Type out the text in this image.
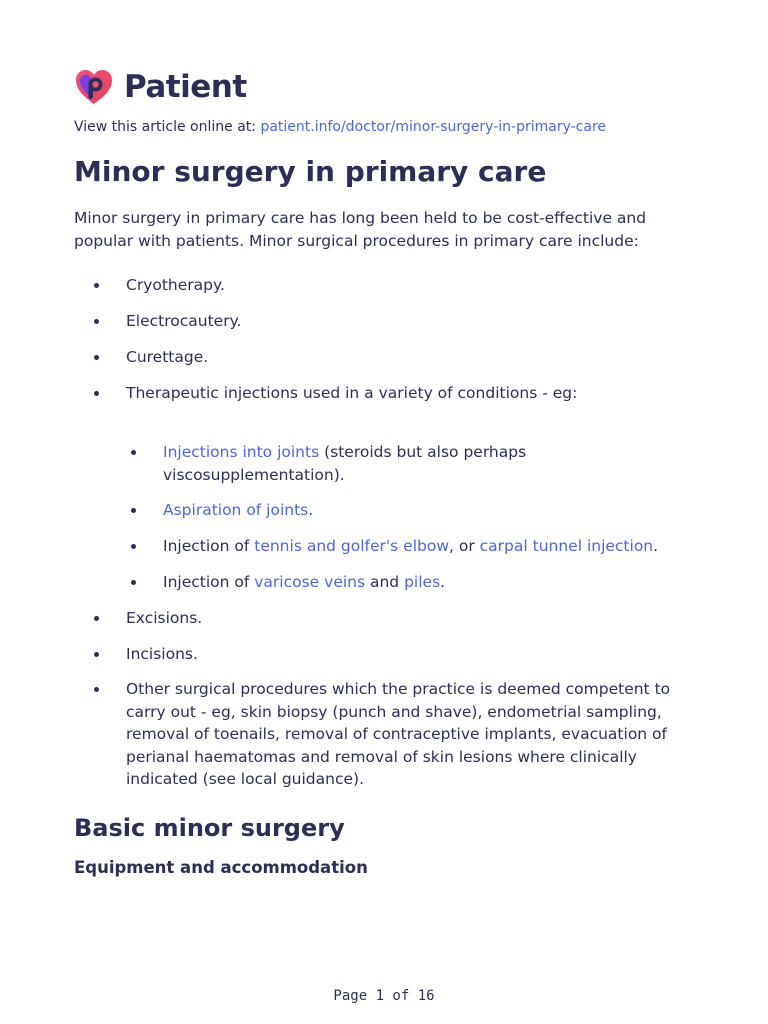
Patient
View this article online at: patient.info/doctor/minor-surgery-in-primary-care
Minor surgery in primary care

Minor surgery in primary care has long been held to be cost-effective and popular with patients. Minor surgical procedures in primary care include:

Cryotherapy.
Electrocautery.
Curettage.
Therapeutic injections used in a variety of conditions - eg:
Injections into joints (steroids but also perhaps viscosupplementation).
Aspiration of joints.
Injection of tennis and golfer's elbow, or carpal tunnel injection.
Injection of varicose veins and piles.
Excisions.
Incisions.
Other surgical procedures which the practice is deemed competent to carry out - eg, skin biopsy (punch and shave), endometrial sampling, removal of toenails, removal of contraceptive implants, evacuation of perianal haematomas and removal of skin lesions where clinically indicated (see local guidance).
Basic minor surgery
Equipment and accommodation
Page 1 of 16
